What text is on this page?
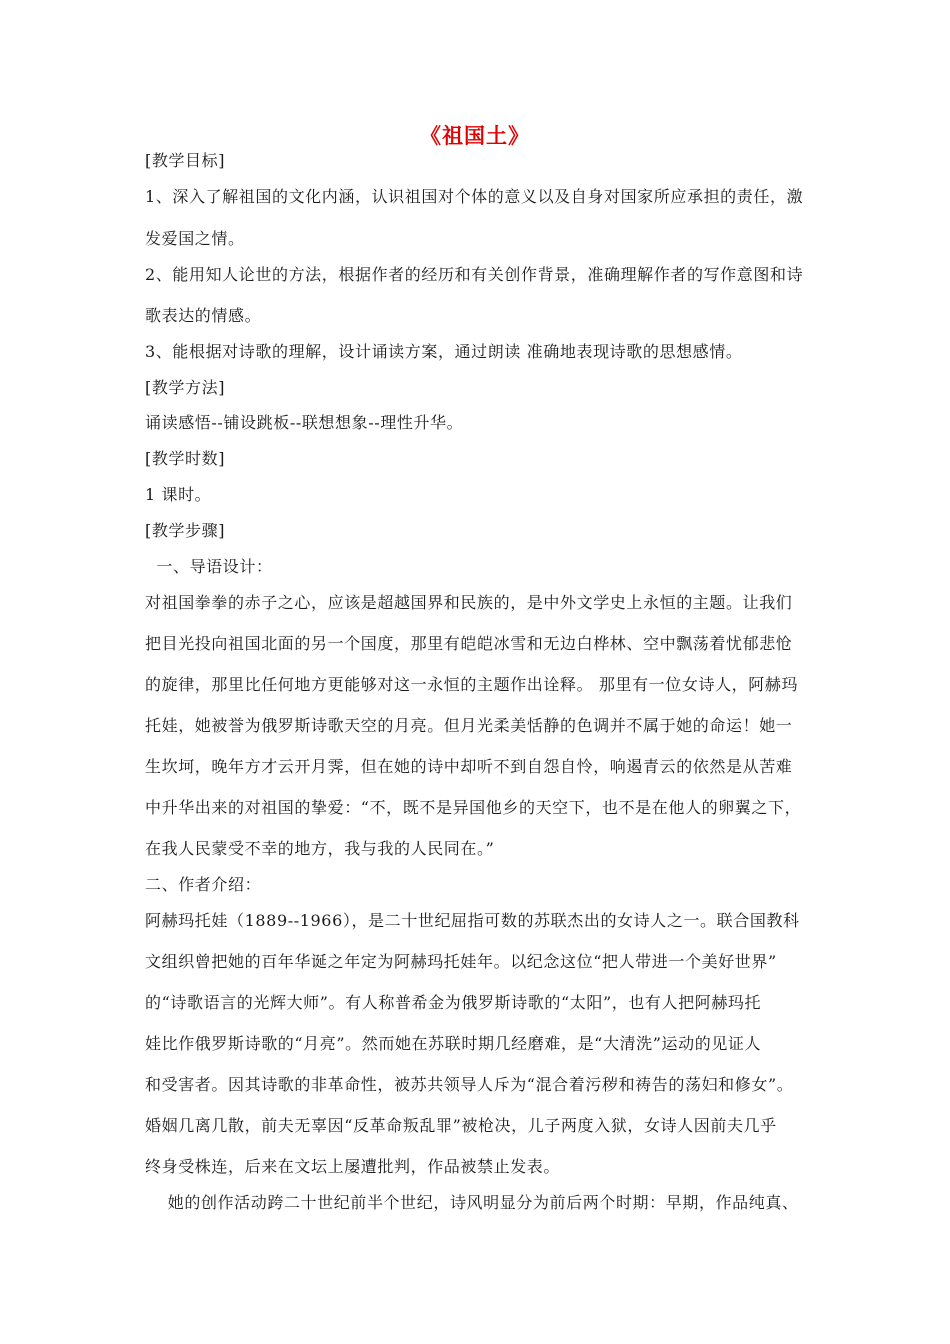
《祖国土》
[教学目标]
1、深入了解祖国的文化内涵，认识祖国对个体的意义以及自身对国家所应承担的责任，激
发爱国之情。
2、能用知人论世的方法，根据作者的经历和有关创作背景，准确理解作者的写作意图和诗
歌表达的情感。
3、能根据对诗歌的理解，设计诵读方案，通过朗读 准确地表现诗歌的思想感情。
[教学方法]
诵读感悟--铺设跳板--联想想象--理性升华。
[教学时数]
1 课时。
[教学步骤]
一、导语设计：
对祖国拳拳的赤子之心，应该是超越国界和民族的，是中外文学史上永恒的主题。让我们
把目光投向祖国北面的另一个国度，那里有皑皑冰雪和无边白桦林、空中飘荡着忧郁悲怆
的旋律，那里比任何地方更能够对这一永恒的主题作出诠释。 那里有一位女诗人，阿赫玛
托娃，她被誉为俄罗斯诗歌天空的月亮。但月光柔美恬静的色调并不属于她的命运！她一
生坎坷，晚年方才云开月霁，但在她的诗中却听不到自怨自怜，响遏青云的依然是从苦难
中升华出来的对祖国的挚爱：“不，既不是异国他乡的天空下，也不是在他人的卵翼之下，
在我人民蒙受不幸的地方，我与我的人民同在。”
二、作者介绍：
阿赫玛托娃（1889--1966），是二十世纪屈指可数的苏联杰出的女诗人之一。联合国教科
文组织曾把她的百年华诞之年定为阿赫玛托娃年。以纪念这位“把人带进一个美好世界”
的“诗歌语言的光辉大师”。有人称普希金为俄罗斯诗歌的“太阳”，也有人把阿赫玛托
娃比作俄罗斯诗歌的“月亮”。然而她在苏联时期几经磨难，是“大清洗”运动的见证人
和受害者。因其诗歌的非革命性，被苏共领导人斥为“混合着污秽和祷告的荡妇和修女”。
婚姻几离几散，前夫无辜因“反革命叛乱罪”被枪决，儿子两度入狱，女诗人因前夫几乎
终身受株连，后来在文坛上屡遭批判，作品被禁止发表。
她的创作活动跨二十世纪前半个世纪，诗风明显分为前后两个时期：早期，作品纯真、
